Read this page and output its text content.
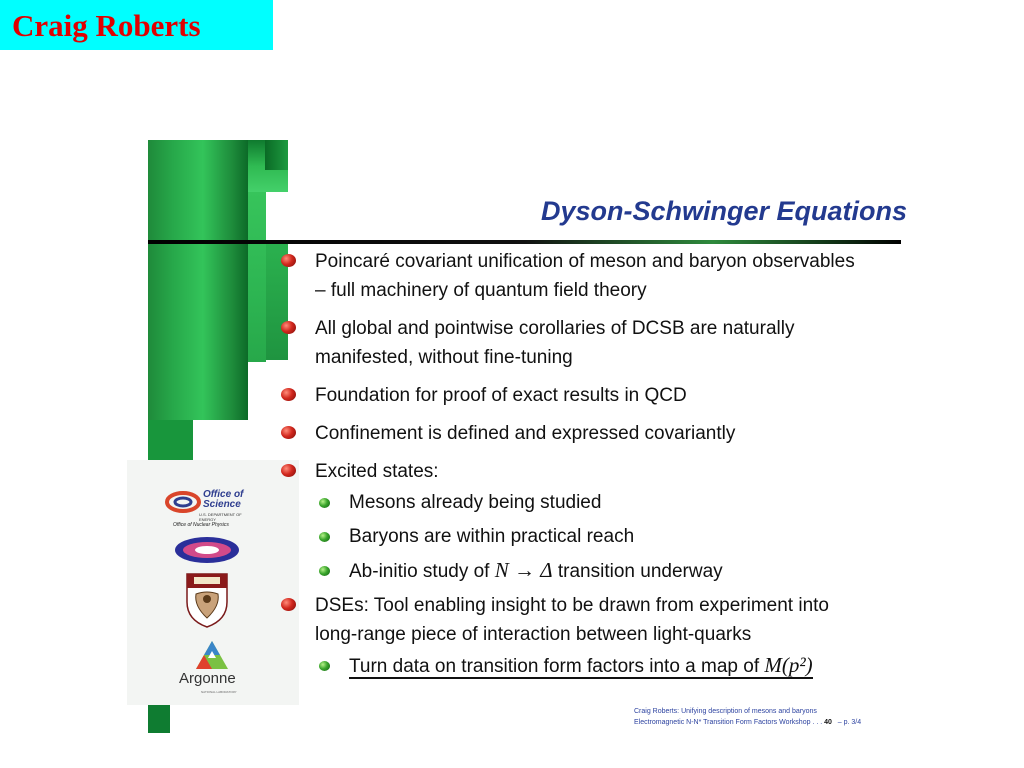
Craig Roberts
Office of
Science
U.S. DEPARTMENT OF ENERGY
Office of Nuclear Physics
Argonne
NATIONAL LABORATORY
Dyson-Schwinger Equations
Poincaré covariant unification of meson and baryon observables
– full machinery of quantum field theory
All global and pointwise corollaries of DCSB are naturally
manifested, without fine-tuning
Foundation for proof of exact results in QCD
Confinement is defined and expressed covariantly
Excited states:
Mesons already being studied
Baryons are within practical reach
Ab-initio study of N → Δ transition underway
DSEs: Tool enabling insight to be drawn from experiment into
long-range piece of interaction between light-quarks
Turn data on transition form factors into a map of M(p²)
Craig Roberts: Unifying description of mesons and baryons
Electromagnetic N-N* Transition Form Factors Workshop . . . 40 – p. 3/4
